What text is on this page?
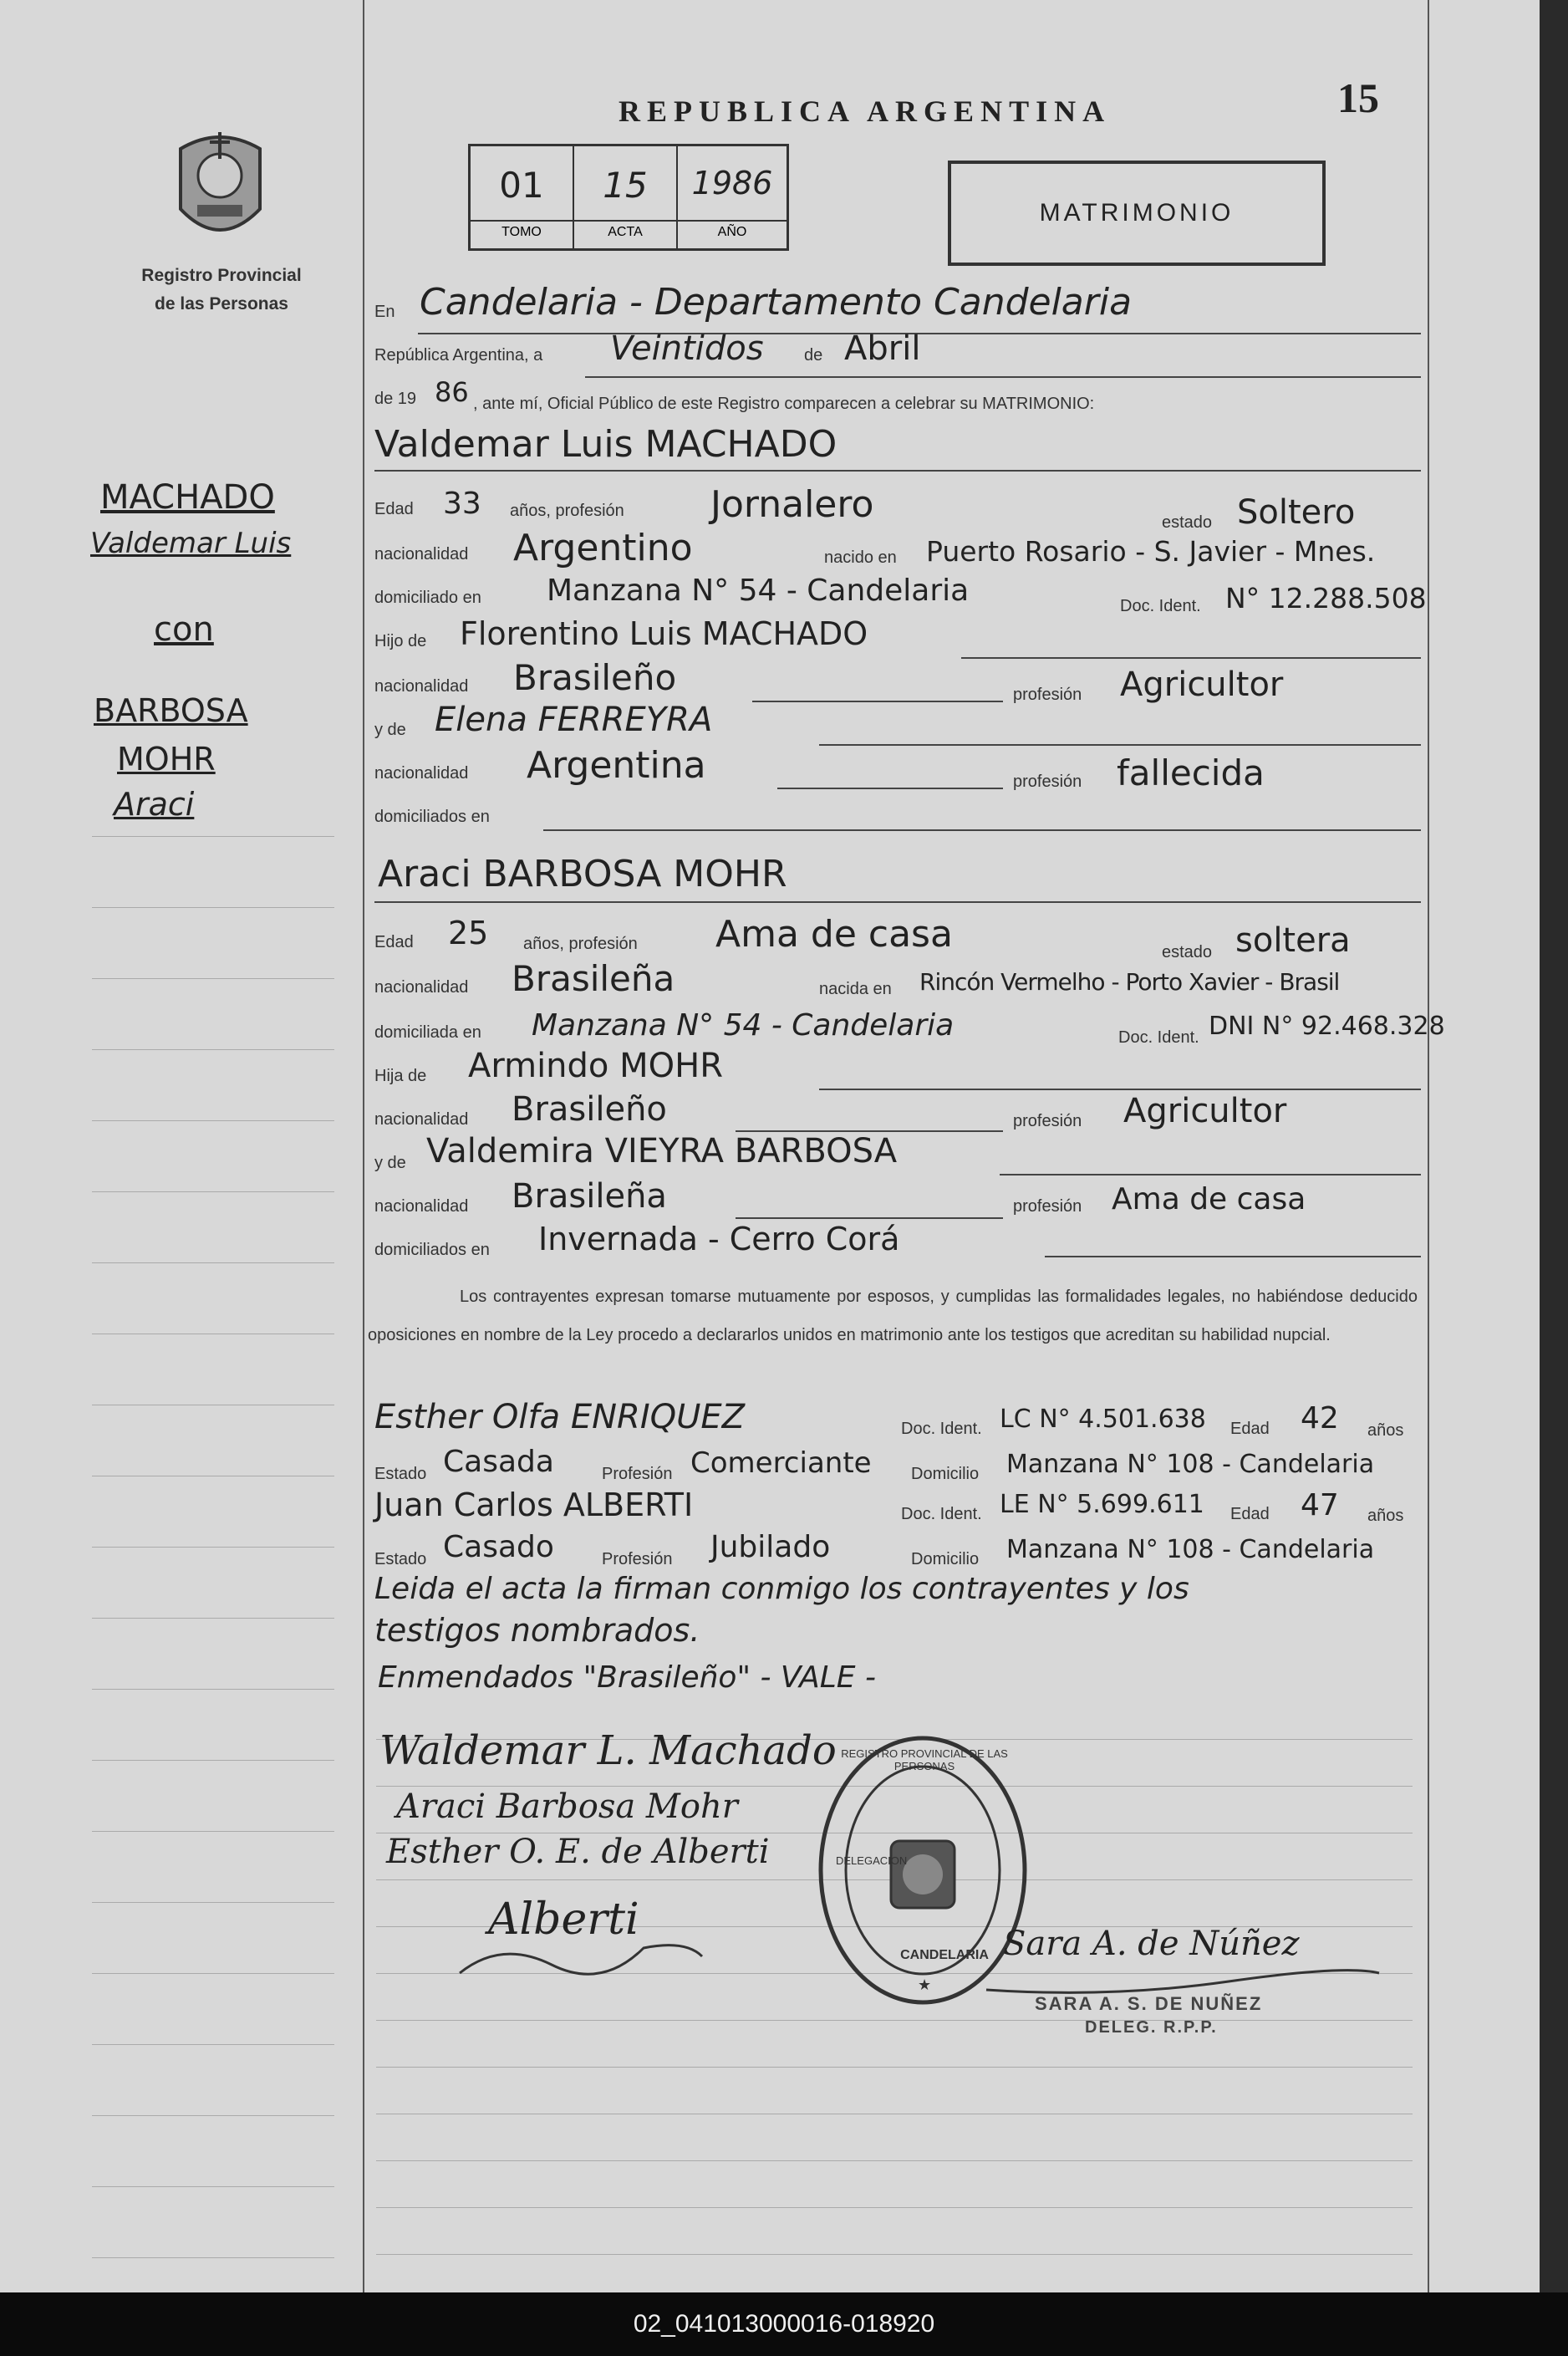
15
Registro Provincial
de las Personas
REPUBLICA ARGENTINA
01
TOMO
15
ACTA
1986
AÑO
MATRIMONIO
MACHADO
Valdemar Luis
con
BARBOSA
MOHR
Araci
En Candelaria - Departamento Candelaria
República Argentina, a Veintidos de Abril
de 19 86 , ante mí, Oficial Público de este Registro comparecen a celebrar su MATRIMONIO:
Valdemar Luis MACHADO
Edad 33 años, profesión Jornalero	estado Soltero
nacionalidad Argentino	nacido en Puerto Rosario - S. Javier - Mnes.
domiciliado en Manzana N° 54 - Candelaria	Doc. Ident. N° 12.288.508
Hijo de Florentino Luis MACHADO
nacionalidad Brasileño	profesión Agricultor
y de Elena FERREYRA
nacionalidad Argentina	profesión fallecida
domiciliados en
Araci BARBOSA MOHR
Edad 25 años, profesión Ama de casa	estado soltera
nacionalidad Brasileña	nacida en Rincón Vermelho - Porto Xavier - Brasil
domiciliada en Manzana N° 54 - Candelaria	Doc. Ident. DNI N° 92.468.328
Hija de Armindo MOHR
nacionalidad Brasileño	profesión Agricultor
y de Valdemira VIEYRA BARBOSA
nacionalidad Brasileña	profesión Ama de casa
domiciliados en Invernada - Cerro Corá
Los contrayentes expresan tomarse mutuamente por esposos, y cumplidas las formalidades legales, no habiéndose deducido oposiciones en nombre de la Ley procedo a declararlos unidos en matrimonio ante los testigos que acreditan su habilidad nupcial.
Esther Olfa ENRIQUEZ	Doc. Ident. LC N° 4.501.638 Edad 42 años
Estado Casada	Profesión Comerciante Domicilio Manzana N° 108 - Candelaria
Juan Carlos ALBERTI	Doc. Ident. LE N° 5.699.611 Edad 47 años
Estado Casado	Profesión Jubilado	Domicilio Manzana N° 108 - Candelaria
Leida el acta la firman conmigo los contrayentes y los
testigos nombrados.
Enmendados "Brasileño" - VALE -
Waldemar L. Machado
Araci Barbosa Mohr
Esther O. E. de Alberti
Alberti
★
REGISTRO PROVINCIAL DE LAS PERSONAS
DELEGACION
CANDELARIA Sara A. de Núñez
SARA A. S. DE NUÑEZ
DELEG. R.P.P.
02_041013000016-018920
